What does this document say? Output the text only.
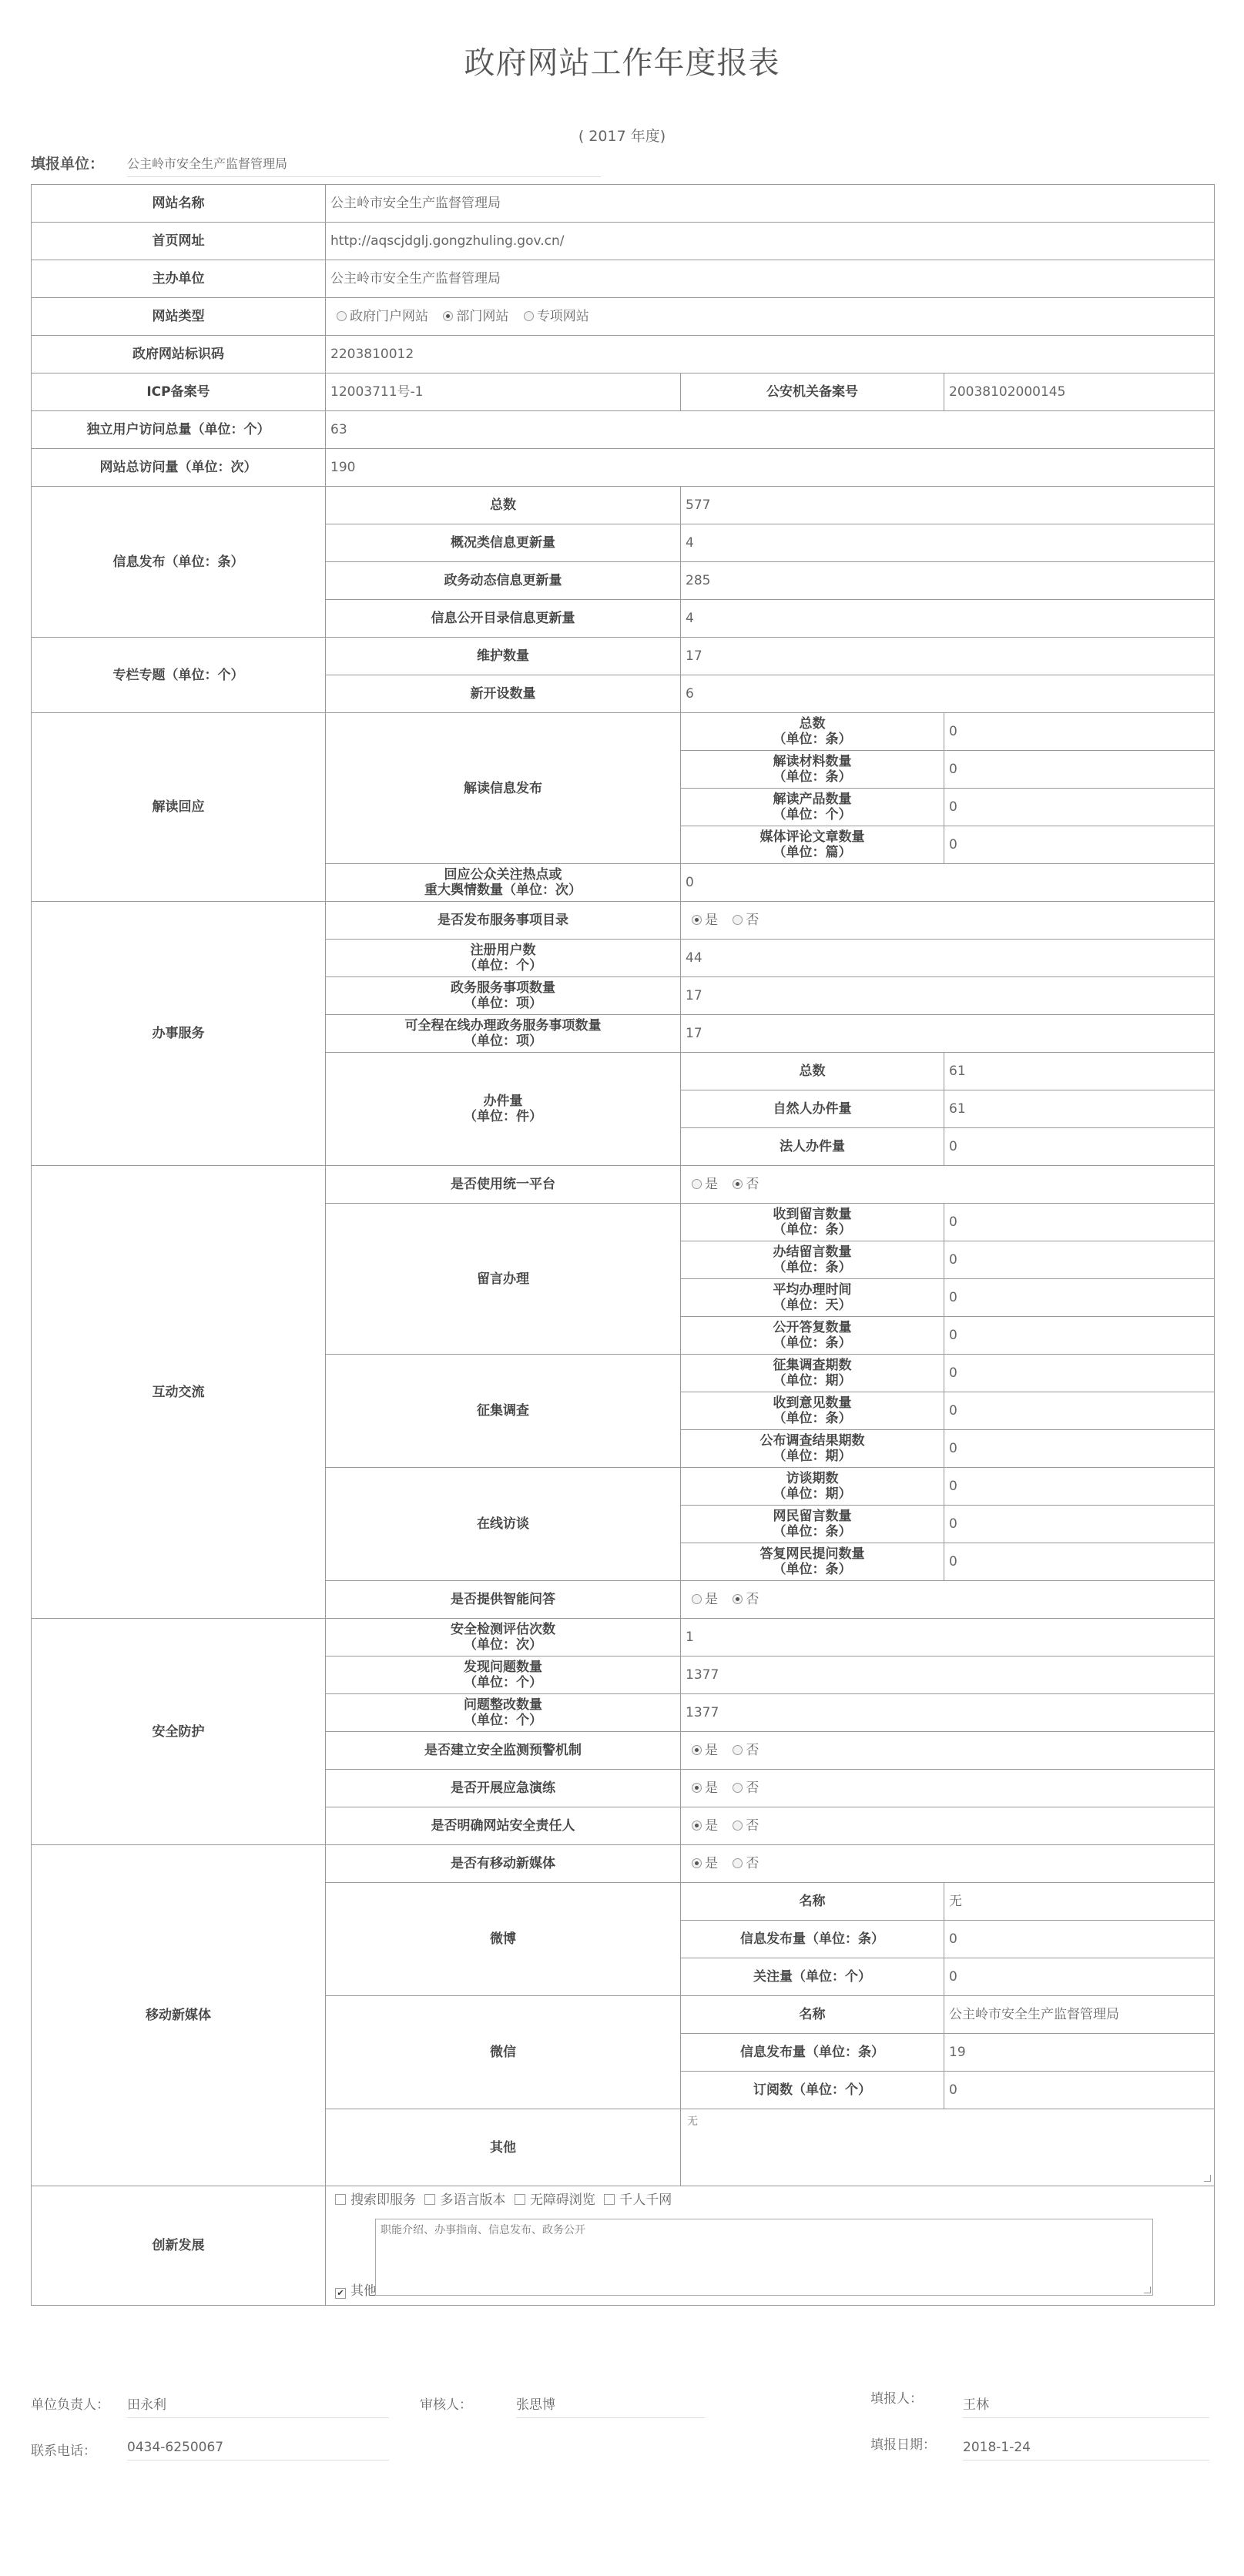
政府网站工作年度报表
( 2017 年度)
填报单位： 公主岭市安全生产监督管理局
网站名称	公主岭市安全生产监督管理局		
首页网址	http://aqscjdglj.gongzhuling.gov.cn/		
主办单位	公主岭市安全生产监督管理局		
网站类型	政府门户网站 部门网站 专项网站		
政府网站标识码	2203810012		
ICP备案号	12003711号-1	公安机关备案号	20038102000145
独立用户访问总量（单位：个）	63		
网站总访问量（单位：次）	190		
信息发布（单位：条）	总数	577	
	概况类信息更新量	4	
	政务动态信息更新量	285	
	信息公开目录信息更新量	4	
专栏专题（单位：个）	维护数量	17	
	新开设数量	6	
解读回应	解读信息发布	总数
（单位：条）	0
		解读材料数量
（单位：条）	0
		解读产品数量
（单位：个）	0
		媒体评论文章数量
（单位：篇）	0
	回应公众关注热点或
重大舆情数量（单位：次）	0	
办事服务	是否发布服务事项目录	是 否	
	注册用户数
（单位：个）	44	
	政务服务事项数量
（单位：项）	17	
	可全程在线办理政务服务事项数量
（单位：项）	17	
	办件量
（单位：件）	总数	61
		自然人办件量	61
		法人办件量	0
互动交流	是否使用统一平台	是 否	
	留言办理	收到留言数量
（单位：条）	0
		办结留言数量
（单位：条）	0
		平均办理时间
（单位：天）	0
		公开答复数量
（单位：条）	0
	征集调查	征集调查期数
（单位：期）	0
		收到意见数量
（单位：条）	0
		公布调查结果期数
（单位：期）	0
	在线访谈	访谈期数
（单位：期）	0
		网民留言数量
（单位：条）	0
		答复网民提问数量
（单位：条）	0
	是否提供智能问答	是 否	
安全防护	安全检测评估次数
（单位：次）	1	
	发现问题数量
（单位：个）	1377	
	问题整改数量
（单位：个）	1377	
	是否建立安全监测预警机制	是 否	
	是否开展应急演练	是 否	
	是否明确网站安全责任人	是 否	
移动新媒体	是否有移动新媒体	是 否	
	微博	名称	无
		信息发布量（单位：条）	0
		关注量（单位：个）	0
	微信	名称	公主岭市安全生产监督管理局
		信息发布量（单位：条）	19
		订阅数（单位：个）	0
	其他	无	

创新发展	搜索即服务 多语言版本 无障碍浏览 千人千网
✔ 其他
职能介绍、办事指南、信息发布、政务公开		
单位负责人： 田永利	审核人：	张思博	填报人：	王林
联系电话： 0434-6250067	填报日期： 2018-1-24
